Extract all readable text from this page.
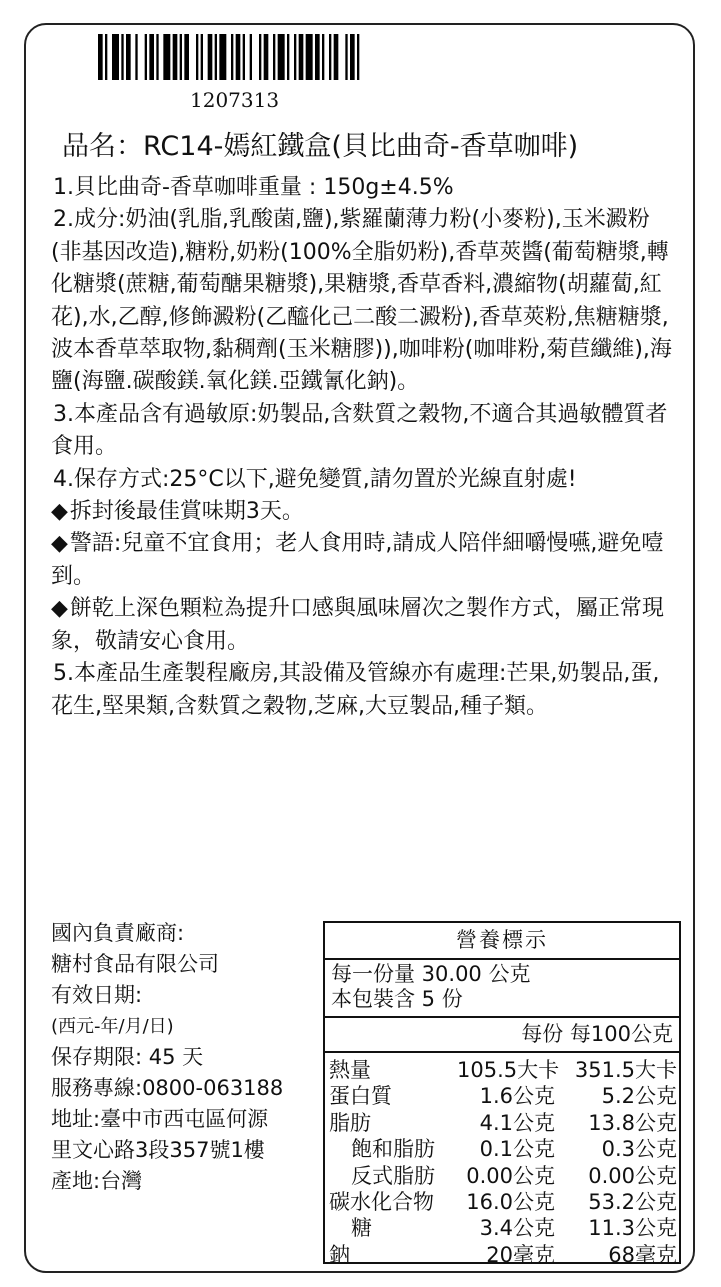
1207313
品名：RC14-嫣紅鐵盒(貝比曲奇-香草咖啡)

1.貝比曲奇-香草咖啡重量 : 150g±4.5%

2.成分:奶油(乳脂,乳酸菌,鹽),紫羅蘭薄力粉(小麥粉),玉米澱粉(非基因改造),糖粉,奶粉(100%全脂奶粉),香草莢醬(葡萄糖漿,轉化糖漿(蔗糖,葡萄醣果糖漿),果糖漿,香草香料,濃縮物(胡蘿蔔,紅花),水,乙醇,修飾澱粉(乙醯化己二酸二澱粉),香草莢粉,焦糖糖漿,波本香草萃取物,黏稠劑(玉米糖膠)),咖啡粉(咖啡粉,菊苣纖維),海鹽(海鹽.碳酸鎂.氧化鎂.亞鐵氰化鈉)。

3.本產品含有過敏原:奶製品,含麩質之穀物,不適合其過敏體質者食用。

4.保存方式:25°C以下,避免變質,請勿置於光線直射處!

◆拆封後最佳賞味期3天。

◆警語:兒童不宜食用；老人食用時,請成人陪伴細嚼慢嚥,避免噎到。

◆餅乾上深色顆粒為提升口感與風味層次之製作方式，屬正常現象，敬請安心食用。

5.本產品生產製程廠房,其設備及管線亦有處理:芒果,奶製品,蛋,花生,堅果類,含麩質之穀物,芝麻,大豆製品,種子類。

國內負責廠商:
糖村食品有限公司
有效日期:
(西元-年/月/日)
保存期限: 45 天
服務專線:0800-063188
地址:臺中市西屯區何源
里文心路3段357號1樓
產地:台灣
營養標示
每一份量 30.00 公克
本包裝含 5 份
每份 每100公克
熱量	105.5大卡 351.5大卡
蛋白質	1.6公克	5.2公克
脂肪	4.1公克	13.8公克
飽和脂肪	0.1公克	0.3公克
反式脂肪	0.00公克	0.00公克
碳水化合物	16.0公克	53.2公克
糖	3.4公克	11.3公克
鈉	20毫克	68毫克
